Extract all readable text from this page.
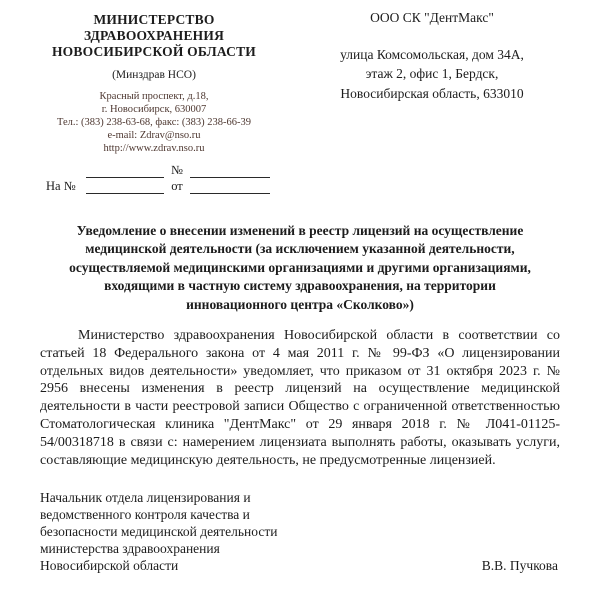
МИНИСТЕРСТВО
ЗДРАВООХРАНЕНИЯ
НОВОСИБИРСКОЙ ОБЛАСТИ
(Минздрав НСО)
Красный проспект, д.18,
г. Новосибирск, 630007
Тел.: (383) 238-63-68, факс: (383) 238-66-39
e-mail: Zdrav@nso.ru
http://www.zdrav.nso.ru

№
На №	от
ООО СК "ДентМакс"
улица Комсомольская, дом 34А,
этаж 2, офис 1, Бердск,
Новосибирская область, 633010
Уведомление о внесении изменений в реестр лицензий на осуществление
медицинской деятельности (за исключением указанной деятельности,
осуществляемой медицинскими организациями и другими организациями,
входящими в частную систему здравоохранения, на территории
инновационного центра «Сколково»)

Министерство здравоохранения Новосибирской области в соответствии со статьей 18 Федерального закона от 4 мая 2011 г. № 99-ФЗ «О лицензировании отдельных видов деятельности» уведомляет, что приказом от 31 октября 2023 г. № 2956 внесены изменения в реестр лицензий на осуществление медицинской деятельности в части реестровой записи Общество с ограниченной ответственностью Стоматологическая клиника "ДентМакс" от 29 января 2018 г. № Л041-01125-54/00318718 в связи с: намерением лицензиата выполнять работы, оказывать услуги, составляющие медицинскую деятельность, не предусмотренные лицензией.

Начальник отдела лицензирования и
ведомственного контроля качества и
безопасности медицинской деятельности
министерства здравоохранения
Новосибирской области	В.В. Пучкова
